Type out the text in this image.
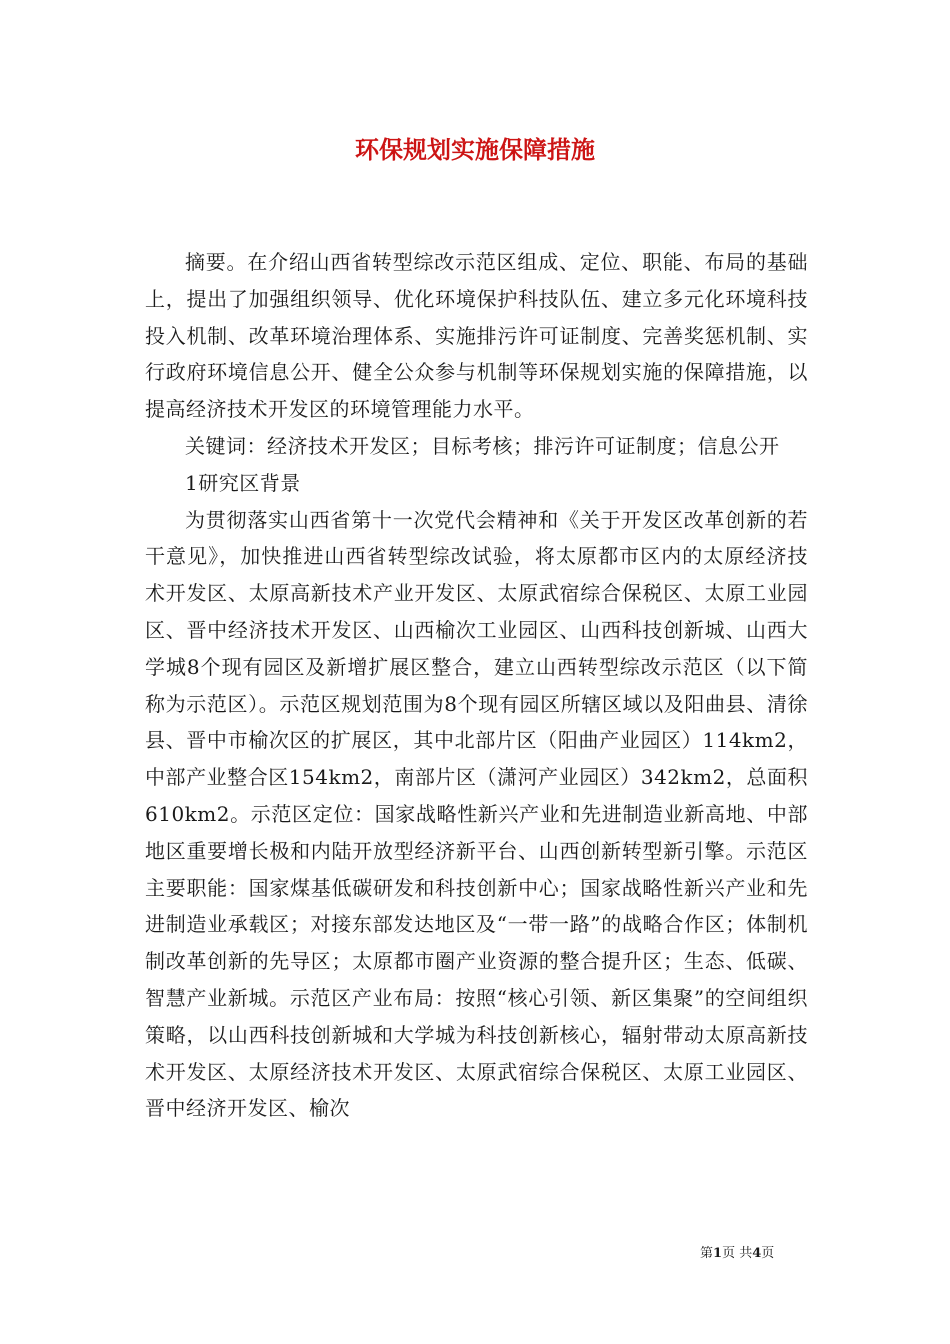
环保规划实施保障措施

摘要。在介绍山西省转型综改示范区组成、定位、职能、布局的基础上，提出了加强组织领导、优化环境保护科技队伍、建立多元化环境科技投入机制、改革环境治理体系、实施排污许可证制度、完善奖惩机制、实行政府环境信息公开、健全公众参与机制等环保规划实施的保障措施，以提高经济技术开发区的环境管理能力水平。

关键词：经济技术开发区；目标考核；排污许可证制度；信息公开

1研究区背景

为贯彻落实山西省第十一次党代会精神和《关于开发区改革创新的若干意见》，加快推进山西省转型综改试验，将太原都市区内的太原经济技术开发区、太原高新技术产业开发区、太原武宿综合保税区、太原工业园区、晋中经济技术开发区、山西榆次工业园区、山西科技创新城、山西大学城8个现有园区及新增扩展区整合，建立山西转型综改示范区（以下简称为示范区）。示范区规划范围为8个现有园区所辖区域以及阳曲县、清徐县、晋中市榆次区的扩展区，其中北部片区（阳曲产业园区）114km2，中部产业整合区154km2，南部片区（潇河产业园区）342km2，总面积610km2。示范区定位：国家战略性新兴产业和先进制造业新高地、中部地区重要增长极和内陆开放型经济新平台、山西创新转型新引擎。示范区主要职能：国家煤基低碳研发和科技创新中心；国家战略性新兴产业和先进制造业承载区；对接东部发达地区及“一带一路”的战略合作区；体制机制改革创新的先导区；太原都市圈产业资源的整合提升区；生态、低碳、智慧产业新城。示范区产业布局：按照“核心引领、新区集聚”的空间组织策略，以山西科技创新城和大学城为科技创新核心，辐射带动太原高新技术开发区、太原经济技术开发区、太原武宿综合保税区、太原工业园区、晋中经济开发区、榆次

第1页 共4页
